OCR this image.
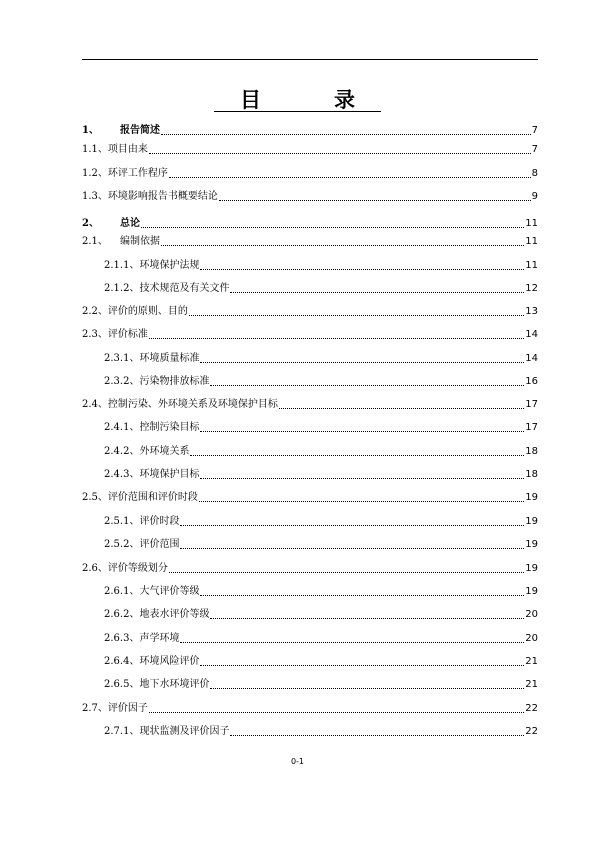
目　录
1、 报告简述	7
1.1、项目由来	7
1.2、环评工作程序	8
1.3、环境影响报告书概要结论	9
2、 总论	11
2.1、 编制依据	11
2.1.1、环境保护法规	11
2.1.2、技术规范及有关文件	12
2.2、评价的原则、目的	13
2.3、评价标准	14
2.3.1、环境质量标准	14
2.3.2、污染物排放标准	16
2.4、控制污染、外环境关系及环境保护目标	17
2.4.1、控制污染目标	17
2.4.2、外环境关系	18
2.4.3、环境保护目标	18
2.5、评价范围和评价时段	19
2.5.1、评价时段	19
2.5.2、评价范围	19
2.6、评价等级划分	19
2.6.1、大气评价等级	19
2.6.2、地表水评价等级	20
2.6.3、声学环境	20
2.6.4、环境风险评价	21
2.6.5、地下水环境评价	21
2.7、评价因子	22
2.7.1、现状监测及评价因子	22
0-1
